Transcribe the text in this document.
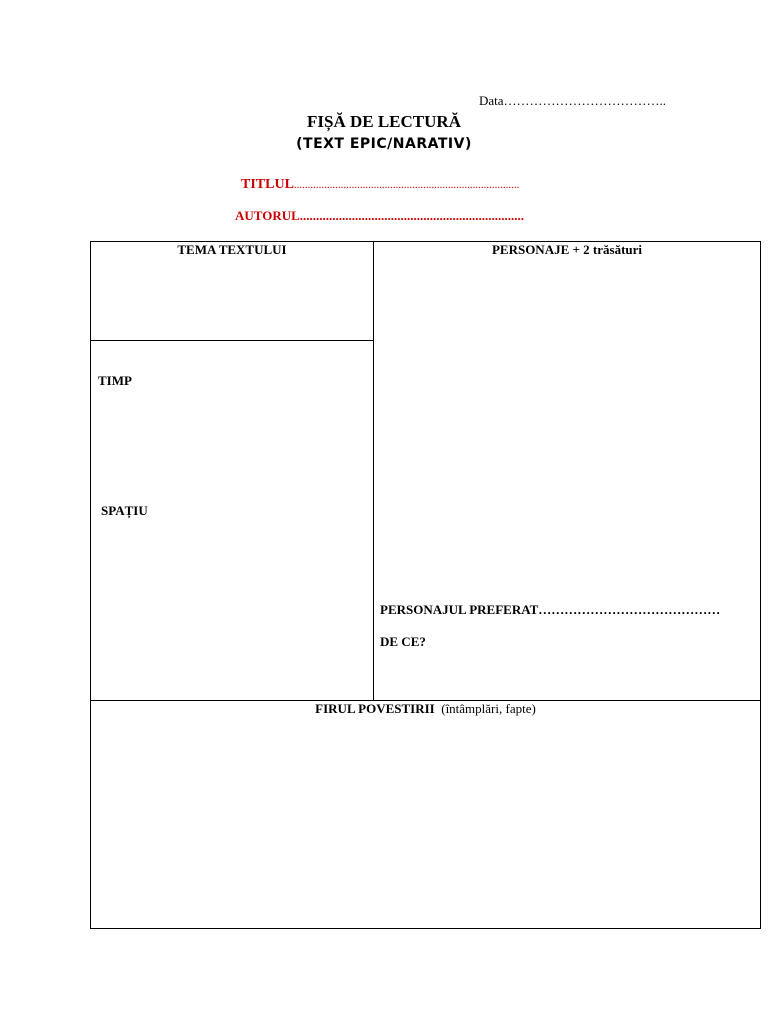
Data………………………………..
FIȘĂ DE LECTURĂ
(TEXT EPIC/NARATIV)
TITLUL..................................................................................
AUTORUL.....................................................................
TEMA TEXTULUI	PERSONAJE + 2 trăsături
TIMP
SPAȚIU
PERSONAJUL PREFERAT……………………………………
DE CE?
FIRUL POVESTIRII (întâmplări, fapte)
